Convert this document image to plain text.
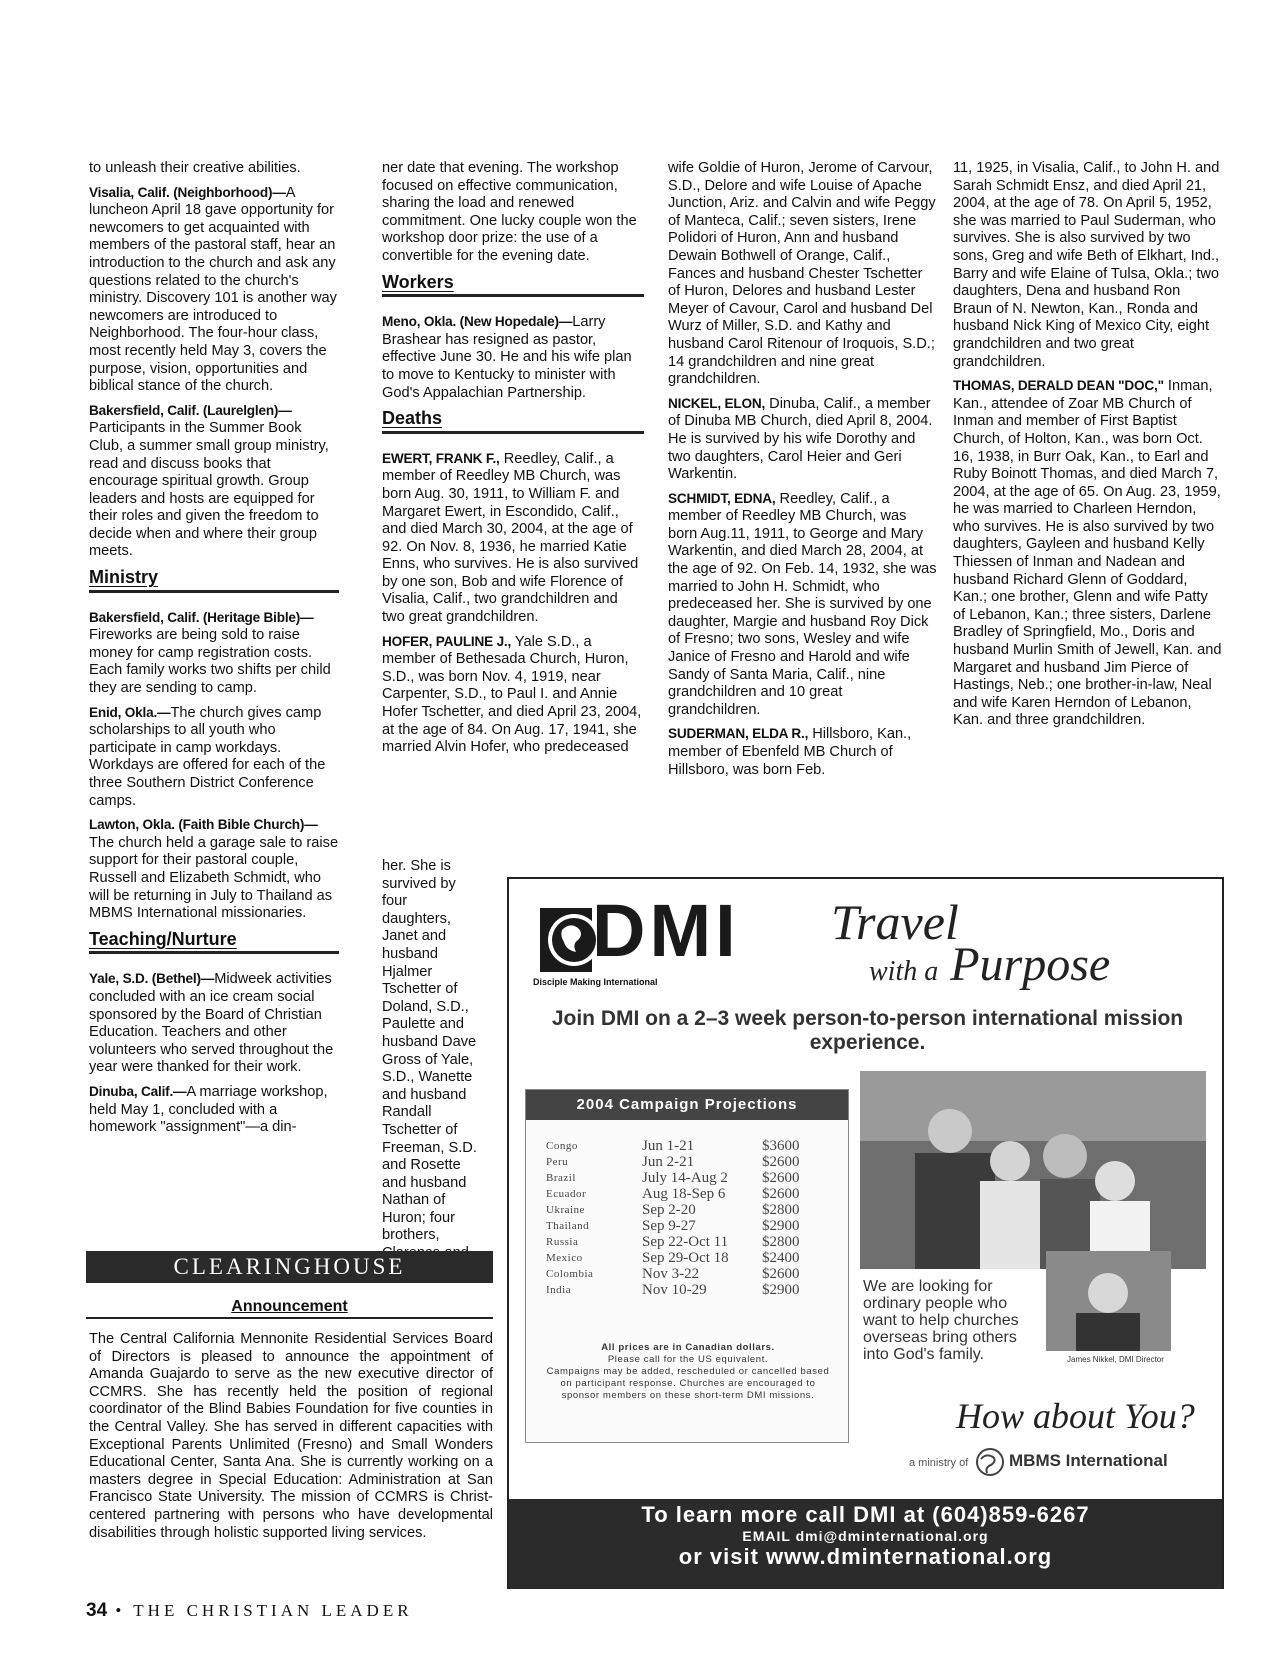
to unleash their creative abilities.

Visalia, Calif. (Neighborhood)—A luncheon April 18 gave opportunity for newcomers to get acquainted with members of the pastoral staff, hear an introduction to the church and ask any questions related to the church's ministry. Discovery 101 is another way newcomers are introduced to Neighborhood. The four-hour class, most recently held May 3, covers the purpose, vision, opportunities and biblical stance of the church.

Bakersfield, Calif. (Laurelglen)—Participants in the Summer Book Club, a summer small group ministry, read and discuss books that encourage spiritual growth. Group leaders and hosts are equipped for their roles and given the freedom to decide when and where their group meets.

Ministry

Bakersfield, Calif. (Heritage Bible)—Fireworks are being sold to raise money for camp registration costs. Each family works two shifts per child they are sending to camp.

Enid, Okla.—The church gives camp scholarships to all youth who participate in camp workdays. Workdays are offered for each of the three Southern District Conference camps.

Lawton, Okla. (Faith Bible Church)—The church held a garage sale to raise support for their pastoral couple, Russell and Elizabeth Schmidt, who will be returning in July to Thailand as MBMS International missionaries.

Teaching/Nurture

Yale, S.D. (Bethel)—Midweek activities concluded with an ice cream social sponsored by the Board of Christian Education. Teachers and other volunteers who served throughout the year were thanked for their work.

Dinuba, Calif.—A marriage workshop, held May 1, concluded with a homework "assignment"—a din-

ner date that evening. The workshop focused on effective communication, sharing the load and renewed commitment. One lucky couple won the workshop door prize: the use of a convertible for the evening date.

Workers

Meno, Okla. (New Hopedale)—Larry Brashear has resigned as pastor, effective June 30. He and his wife plan to move to Kentucky to minister with God's Appalachian Partnership.

Deaths

EWERT, FRANK F., Reedley, Calif., a member of Reedley MB Church, was born Aug. 30, 1911, to William F. and Margaret Ewert, in Escondido, Calif., and died March 30, 2004, at the age of 92. On Nov. 8, 1936, he married Katie Enns, who survives. He is also survived by one son, Bob and wife Florence of Visalia, Calif., two grandchildren and two great grandchildren.

HOFER, PAULINE J., Yale S.D., a member of Bethesada Church, Huron, S.D., was born Nov. 4, 1919, near Carpenter, S.D., to Paul I. and Annie Hofer Tschetter, and died April 23, 2004, at the age of 84. On Aug. 17, 1941, she married Alvin Hofer, who predeceased

her. She is survived by four daughters, Janet and husband Hjalmer Tschetter of Doland, S.D., Paulette and husband Dave Gross of Yale, S.D., Wanette and husband Randall Tschetter of Freeman, S.D. and Rosette and husband Nathan of Huron; four brothers,

wife Goldie of Huron, Jerome of Carvour, S.D., Delore and wife Louise of Apache Junction, Ariz. and Calvin and wife Peggy of Manteca, Calif.; seven sisters, Irene Polidori of Huron, Ann and husband Dewain Bothwell of Orange, Calif., Fances and husband Chester Tschetter of Huron, Delores and husband Lester Meyer of Cavour, Carol and husband Del Wurz of Miller, S.D. and Kathy and husband Carol Ritenour of Iroquois, S.D.; 14 grandchildren and nine great grandchildren.

NICKEL, ELON, Dinuba, Calif., a member of Dinuba MB Church, died April 8, 2004. He is survived by his wife Dorothy and two daughters, Carol Heier and Geri Warkentin.

SCHMIDT, EDNA, Reedley, Calif., a member of Reedley MB Church, was born Aug.11, 1911, to George and Mary Warkentin, and died March 28, 2004, at the age of 92. On Feb. 14, 1932, she was married to John H. Schmidt, who predeceased her. She is survived by one daughter, Margie and husband Roy Dick of Fresno; two sons, Wesley and wife Janice of Fresno and Harold and wife Sandy of Santa Maria, Calif., nine grandchildren and 10 great grandchildren.

SUDERMAN, ELDA R., Hillsboro, Kan., member of Ebenfeld MB Church of Hillsboro, was born Feb.

11, 1925, in Visalia, Calif., to John H. and Sarah Schmidt Ensz, and died April 21, 2004, at the age of 78. On April 5, 1952, she was married to Paul Suderman, who survives. She is also survived by two sons, Greg and wife Beth of Elkhart, Ind., Barry and wife Elaine of Tulsa, Okla.; two daughters, Dena and husband Ron Braun of N. Newton, Kan., Ronda and husband Nick King of Mexico City, eight grandchildren and two great grandchildren.

THOMAS, DERALD DEAN "DOC," Inman, Kan., attendee of Zoar MB Church of Inman and member of First Baptist Church, of Holton, Kan., was born Oct. 16, 1938, in Burr Oak, Kan., to Earl and Ruby Boinott Thomas, and died March 7, 2004, at the age of 65. On Aug. 23, 1959, he was married to Charleen Herndon, who survives. He is also survived by two daughters, Gayleen and husband Kelly Thiessen of Inman and Nadean and husband Richard Glenn of Goddard, Kan.; one brother, Glenn and wife Patty of Lebanon, Kan.; three sisters, Darlene Bradley of Springfield, Mo., Doris and husband Murlin Smith of Jewell, Kan. and Margaret and husband Jim Pierce of Hastings, Neb.; one brother-in-law, Neal and wife Karen Herndon of Lebanon, Kan. and three grandchildren.

CLEARINGHOUSE
Announcement

The Central California Mennonite Residential Services Board of Directors is pleased to announce the appointment of Amanda Guajardo to serve as the new executive director of CCMRS. She has recently held the position of regional coordinator of the Blind Babies Foundation for five counties in the Central Valley. She has served in different capacities with Exceptional Parents Unlimited (Fresno) and Small Wonders Educational Center, Santa Ana. She is currently working on a masters degree in Special Education: Administration at San Francisco State University. The mission of CCMRS is Christ-centered partnering with persons who have developmental disabilities through holistic supported living services.

34 • THE CHRISTIAN LEADER
DMI
Disciple Making International
Travel
with a Purpose
Join DMI on a 2–3 week person-to-person international mission experience.
2004 Campaign Projections
Congo	Jun 1-21	$3600
Peru	Jun 2-21	$2600
Brazil	July 14-Aug 2	$2600
Ecuador	Aug 18-Sep 6	$2600
Ukraine	Sep 2-20	$2800
Thailand	Sep 9-27	$2900
Russia	Sep 22-Oct 11	$2800
Mexico	Sep 29-Oct 18	$2400
Colombia	Nov 3-22	$2600
India	Nov 10-29	$2900
All prices are in Canadian dollars.
Please call for the US equivalent.
Campaigns may be added, rescheduled or cancelled based on participant response. Churches are encouraged to sponsor members on these short-term DMI missions.
We are looking for ordinary people who want to help churches overseas bring others into God's family.	James Nikkel, DMI Director
How about You?
a ministry of MBMS International
To learn more call DMI at (604)859-6267
EMAIL dmi@dminternational.org
or visit www.dminternational.org
